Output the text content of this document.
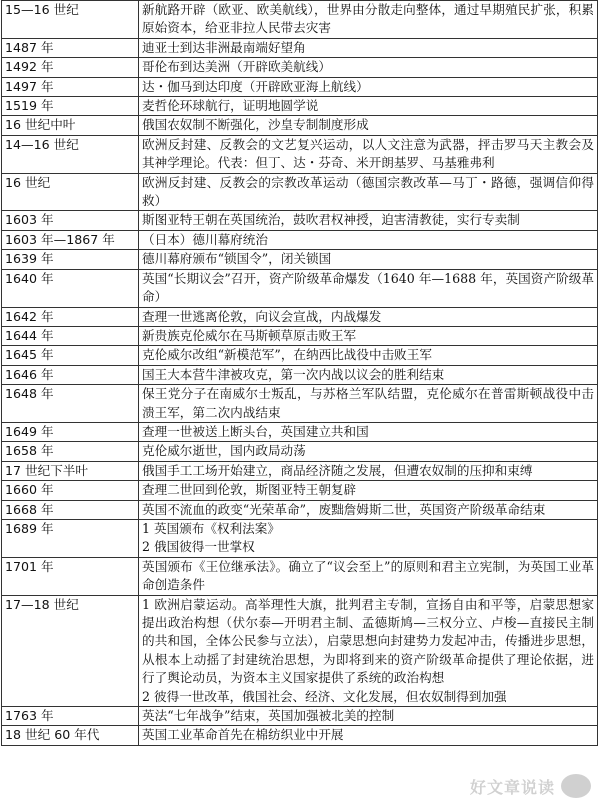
15—16 世纪	新航路开辟（欧亚、欧美航线），世界由分散走向整体，通过早期殖民扩张，积累原始资本，给亚非拉人民带去灾害
1487 年	迪亚士到达非洲最南端好望角
1492 年	哥伦布到达美洲（开辟欧美航线）
1497 年	达・伽马到达印度（开辟欧亚海上航线）
1519 年	麦哲伦环球航行，证明地圆学说
16 世纪中叶	俄国农奴制不断强化，沙皇专制制度形成
14—16 世纪	欧洲反封建、反教会的文艺复兴运动，以人文注意为武器，抨击罗马天主教会及其神学理论。代表：但丁、达・芬奇、米开朗基罗、马基雅弗利
16 世纪	欧洲反封建、反教会的宗教改革运动（德国宗教改革—马丁・路德，强调信仰得救）
1603 年	斯图亚特王朝在英国统治，鼓吹君权神授，迫害清教徒，实行专卖制
1603 年—1867 年	（日本）德川幕府统治
1639 年	德川幕府颁布“锁国令”，闭关锁国
1640 年	英国“长期议会”召开，资产阶级革命爆发（1640 年—1688 年，英国资产阶级革命）
1642 年	查理一世逃离伦敦，向议会宣战，内战爆发
1644 年	新贵族克伦威尔在马斯顿草原击败王军
1645 年	克伦威尔改组“新模范军”，在纳西比战役中击败王军
1646 年	国王大本营牛津被攻克，第一次内战以议会的胜利结束
1648 年	保王党分子在南威尔士叛乱，与苏格兰军队结盟，克伦威尔在普雷斯顿战役中击溃王军，第二次内战结束
1649 年	查理一世被送上断头台，英国建立共和国
1658 年	克伦威尔逝世，国内政局动荡
17 世纪下半叶	俄国手工工场开始建立，商品经济随之发展，但遭农奴制的压抑和束缚
1660 年	查理二世回到伦敦，斯图亚特王朝复辟
1668 年	英国不流血的政变“光荣革命”，废黜詹姆斯二世，英国资产阶级革命结束
1689 年	1 英国颁布《权利法案》
2 俄国彼得一世掌权

1701 年	英国颁布《王位继承法》。确立了“议会至上”的原则和君主立宪制，为英国工业革命创造条件
17—18 世纪	1 欧洲启蒙运动。高举理性大旗，批判君主专制，宣扬自由和平等，启蒙思想家提出政治构想（伏尔泰—开明君主制、孟德斯鸠—三权分立、卢梭—直接民主制的共和国，全体公民参与立法），启蒙思想向封建势力发起冲击，传播进步思想，从根本上动摇了封建统治思想，为即将到来的资产阶级革命提供了理论依据，进行了舆论动员，为资本主义国家提供了系统的政治构想
2 彼得一世改革，俄国社会、经济、文化发展，但农奴制得到加强

1763 年	英法“七年战争”结束，英国加强被北美的控制
18 世纪 60 年代	英国工业革命首先在棉纺织业中开展
好文章说读
